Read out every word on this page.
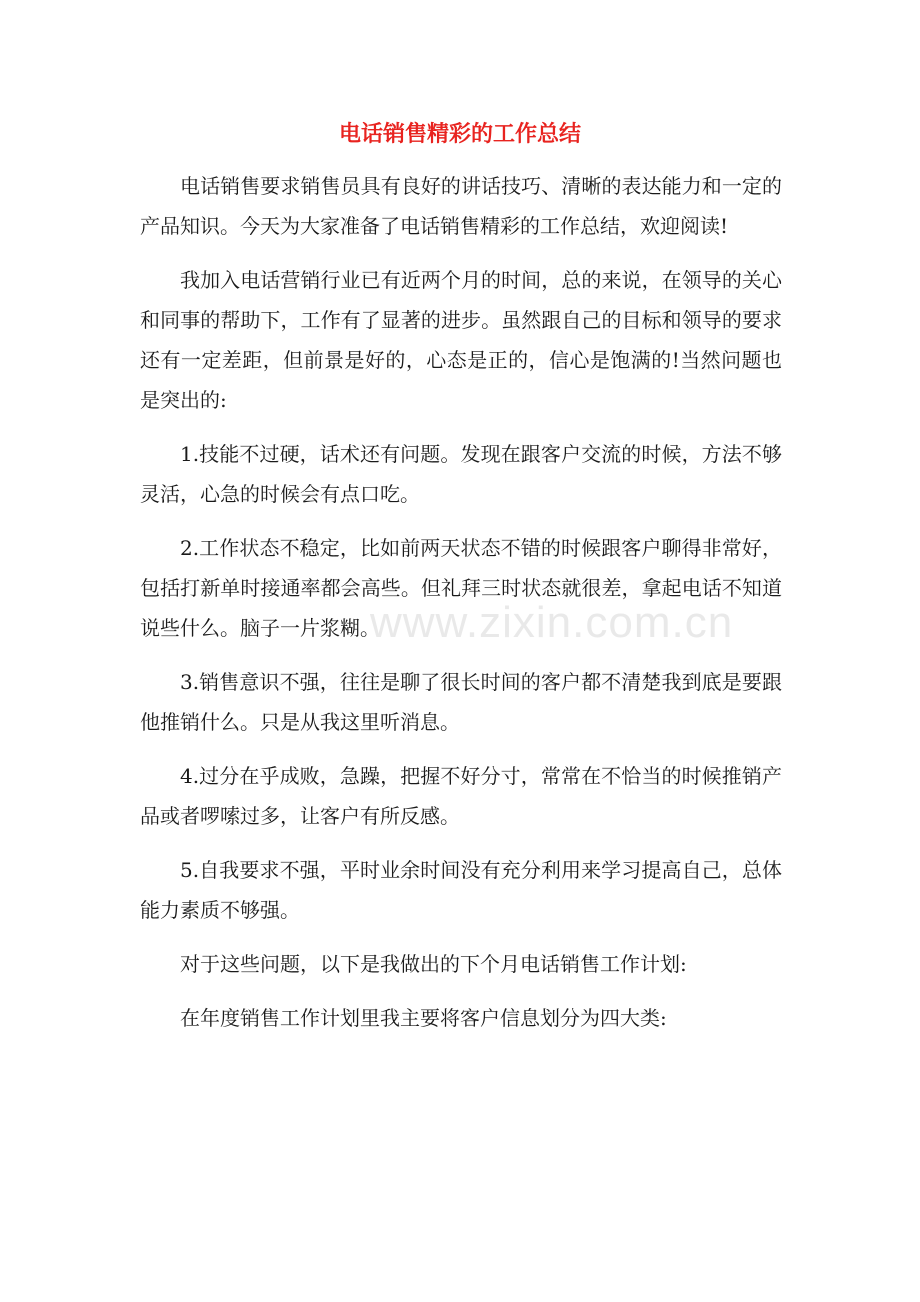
www.zixin.com.cn
电话销售精彩的工作总结

电话销售要求销售员具有良好的讲话技巧、清晰的表达能力和一定的产品知识。今天为大家准备了电话销售精彩的工作总结，欢迎阅读!

我加入电话营销行业已有近两个月的时间，总的来说，在领导的关心和同事的帮助下，工作有了显著的进步。虽然跟自己的目标和领导的要求还有一定差距，但前景是好的，心态是正的，信心是饱满的!当然问题也是突出的:

1.技能不过硬，话术还有问题。发现在跟客户交流的时候，方法不够灵活，心急的时候会有点口吃。

2.工作状态不稳定，比如前两天状态不错的时候跟客户聊得非常好，包括打新单时接通率都会高些。但礼拜三时状态就很差，拿起电话不知道说些什么。脑子一片浆糊。

3.销售意识不强，往往是聊了很长时间的客户都不清楚我到底是要跟他推销什么。只是从我这里听消息。

4.过分在乎成败，急躁，把握不好分寸，常常在不恰当的时候推销产品或者啰嗦过多，让客户有所反感。

5.自我要求不强，平时业余时间没有充分利用来学习提高自己，总体能力素质不够强。

对于这些问题，以下是我做出的下个月电话销售工作计划:

在年度销售工作计划里我主要将客户信息划分为四大类:
